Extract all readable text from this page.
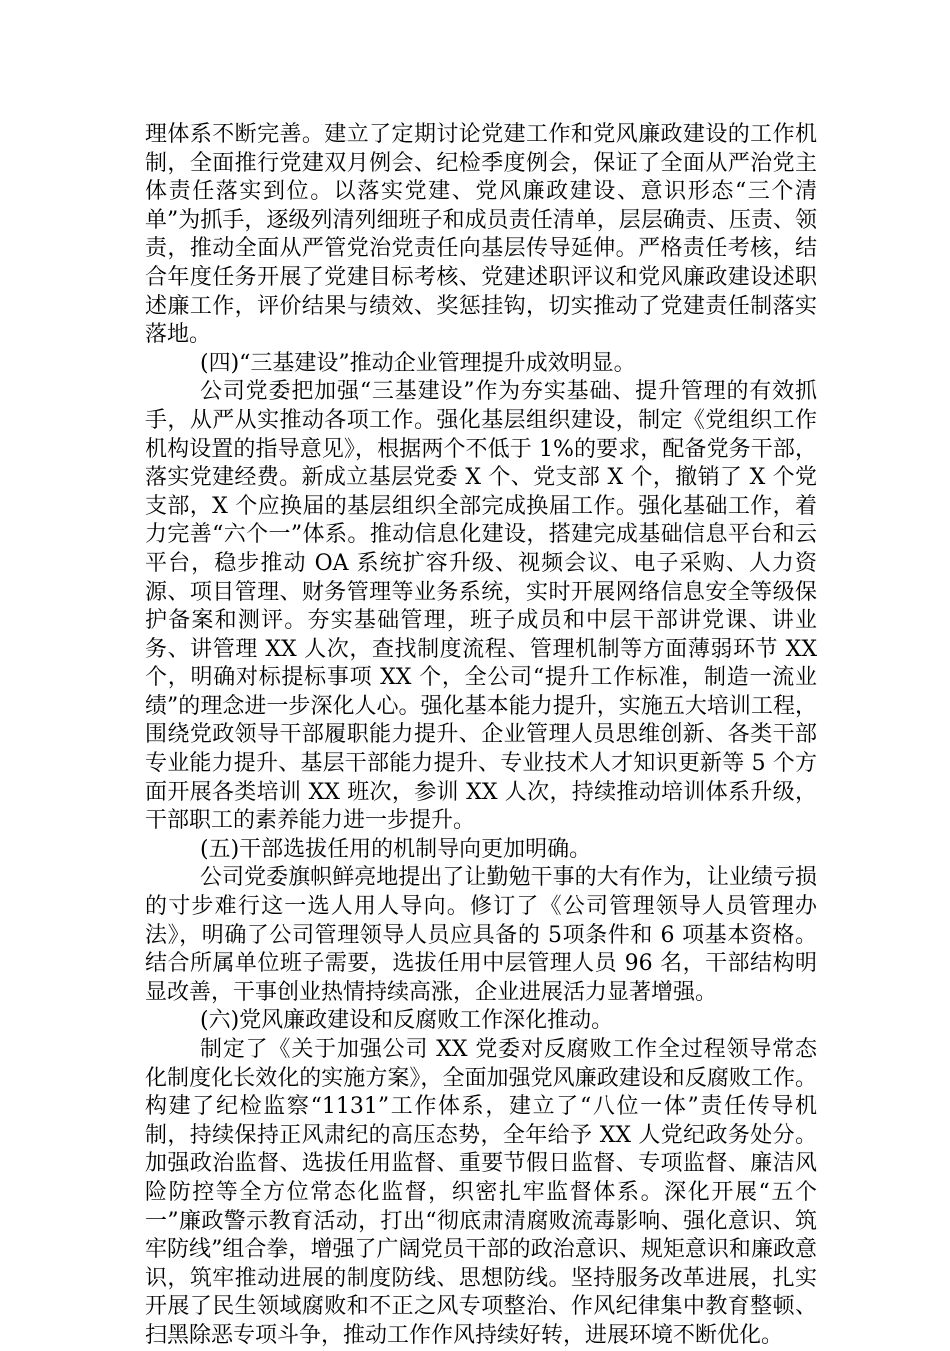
理体系不断完善。建立了定期讨论党建工作和党风廉政建设的工作机制，全面推行党建双月例会、纪检季度例会，保证了全面从严治党主体责任落实到位。以落实党建、党风廉政建设、意识形态“三个清单”为抓手，逐级列清列细班子和成员责任清单，层层确责、压责、领责，推动全面从严管党治党责任向基层传导延伸。严格责任考核，结合年度任务开展了党建目标考核、党建述职评议和党风廉政建设述职述廉工作，评价结果与绩效、奖惩挂钩，切实推动了党建责任制落实落地。

(四)“三基建设”推动企业管理提升成效明显。

公司党委把加强“三基建设”作为夯实基础、提升管理的有效抓手，从严从实推动各项工作。强化基层组织建设，制定《党组织工作机构设置的指导意见》，根据两个不低于 1%的要求，配备党务干部，落实党建经费。新成立基层党委 X 个、党支部 X 个，撤销了 X 个党支部，X 个应换届的基层组织全部完成换届工作。强化基础工作，着力完善“六个一”体系。推动信息化建设，搭建完成基础信息平台和云平台，稳步推动 OA 系统扩容升级、视频会议、电子采购、人力资源、项目管理、财务管理等业务系统，实时开展网络信息安全等级保护备案和测评。夯实基础管理，班子成员和中层干部讲党课、讲业务、讲管理 XX 人次，查找制度流程、管理机制等方面薄弱环节 XX 个，明确对标提标事项 XX 个，全公司“提升工作标准，制造一流业绩”的理念进一步深化人心。强化基本能力提升，实施五大培训工程，围绕党政领导干部履职能力提升、企业管理人员思维创新、各类干部专业能力提升、基层干部能力提升、专业技术人才知识更新等 5 个方面开展各类培训 XX 班次，参训 XX 人次，持续推动培训体系升级，干部职工的素养能力进一步提升。

(五)干部选拔任用的机制导向更加明确。

公司党委旗帜鲜亮地提出了让勤勉干事的大有作为，让业绩亏损的寸步难行这一选人用人导向。修订了《公司管理领导人员管理办法》，明确了公司管理领导人员应具备的 5项条件和 6 项基本资格。结合所属单位班子需要，选拔任用中层管理人员 96 名，干部结构明显改善，干事创业热情持续高涨，企业进展活力显著增强。

(六)党风廉政建设和反腐败工作深化推动。

制定了《关于加强公司 XX 党委对反腐败工作全过程领导常态化制度化长效化的实施方案》，全面加强党风廉政建设和反腐败工作。构建了纪检监察“1131”工作体系，建立了“八位一体”责任传导机制，持续保持正风肃纪的高压态势，全年给予 XX 人党纪政务处分。加强政治监督、选拔任用监督、重要节假日监督、专项监督、廉洁风险防控等全方位常态化监督，织密扎牢监督体系。深化开展“五个一”廉政警示教育活动，打出“彻底肃清腐败流毒影响、强化意识、筑牢防线”组合拳，增强了广阔党员干部的政治意识、规矩意识和廉政意识，筑牢推动进展的制度防线、思想防线。坚持服务改革进展，扎实开展了民生领域腐败和不正之风专项整治、作风纪律集中教育整顿、扫黑除恶专项斗争，推动工作作风持续好转，进展环境不断优化。
